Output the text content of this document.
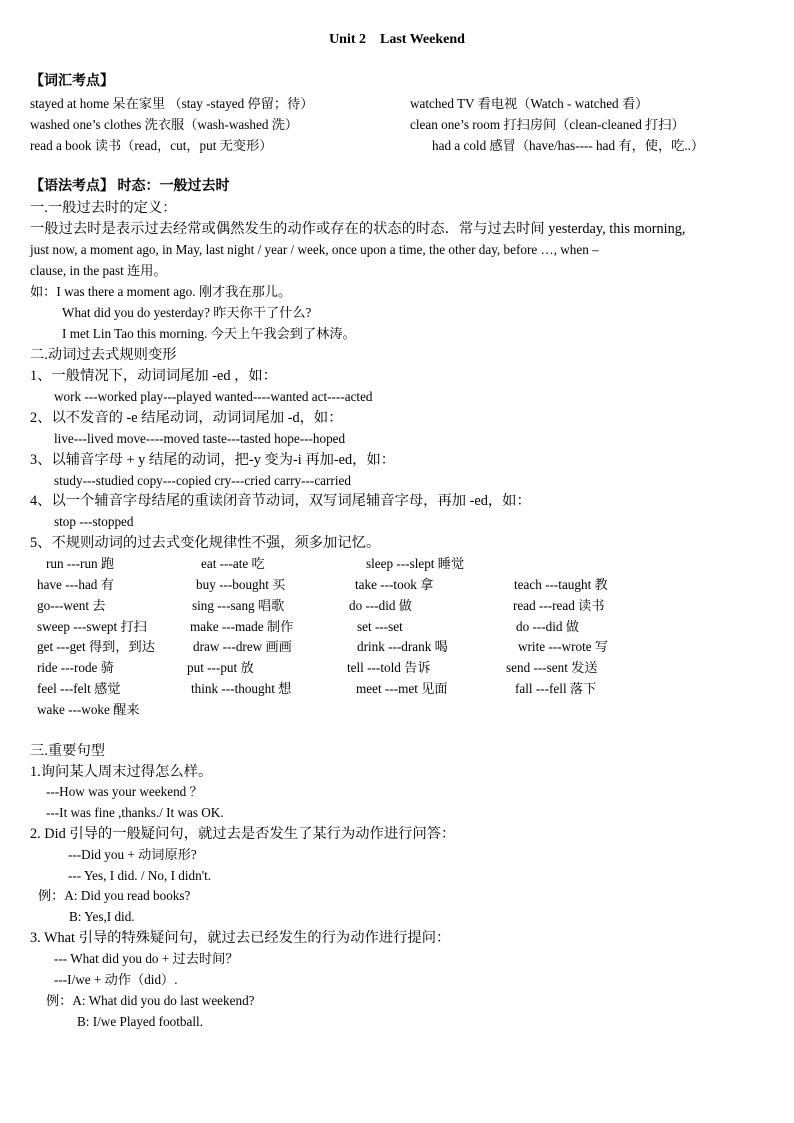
Unit 2    Last Weekend
【词汇考点】
stayed at home 呆在家里 （stay -stayed 停留；待）	watched TV 看电视（Watch - watched 看）
washed one’s clothes 洗衣服（wash-washed 洗）	clean one’s room 打扫房间（clean-cleaned 打扫）
read a book 读书（read，cut，put 无变形）	had a cold 感冒（have/has---- had 有，使，吃..）
【语法考点】 时态：一般过去时
一.一般过去时的定义：
一般过去时是表示过去经常或偶然发生的动作或存在的状态的时态．常与过去时间 yesterday, this morning,
just now, a moment ago, in May, last night / year / week, once upon a time, the other day, before …, when –
clause, in the past 连用。
如：I was there a moment ago. 刚才我在那儿。
What did you do yesterday? 昨天你干了什么?
I met Lin Tao this morning. 今天上午我会到了林涛。
二.动词过去式规则变形
1、一般情况下，动词词尾加 -ed ，如：
work ---worked play---played wanted----wanted act----acted
2、以不发音的 -e 结尾动词，动词词尾加 -d，如：
live---lived move----moved taste---tasted hope---hoped
3、以辅音字母 + y 结尾的动词，把-y 变为-i 再加-ed，如：
study---studied copy---copied cry---cried carry---carried
4、以一个辅音字母结尾的重读闭音节动词，双写词尾辅音字母，再加 -ed，如：
stop ---stopped
5、不规则动词的过去式变化规律性不强，须多加记忆。
run ---run 跑	eat ---ate 吃	sleep ---slept 睡觉
have ---had 有	buy ---bought 买	take ---took 拿	teach ---taught 教
go---went 去	sing ---sang 唱歌	do ---did 做	read ---read 读书
sweep ---swept 打扫	make ---made 制作	set ---set	do ---did 做
get ---get 得到，到达	draw ---drew 画画	drink ---drank 喝	write ---wrote 写
ride ---rode 骑	put ---put 放	tell ---told 告诉	send ---sent 发送
feel ---felt 感觉	think ---thought 想	meet ---met 见面	fall ---fell 落下
wake ---woke 醒来
三.重要句型
1.询问某人周末过得怎么样。
---How was your weekend ？
---It was fine ,thanks./ It was OK.
2. Did 引导的一般疑问句，就过去是否发生了某行为动作进行问答：
---Did you + 动词原形?
--- Yes, I did. / No, I didn't.
例：A: Did you read books?
B: Yes,I did.
3. What 引导的特殊疑问句，就过去已经发生的行为动作进行提问：
--- What did you do + 过去时间？
---I/we + 动作（did）.
例：A: What did you do last weekend?
B: I/we Played football.
